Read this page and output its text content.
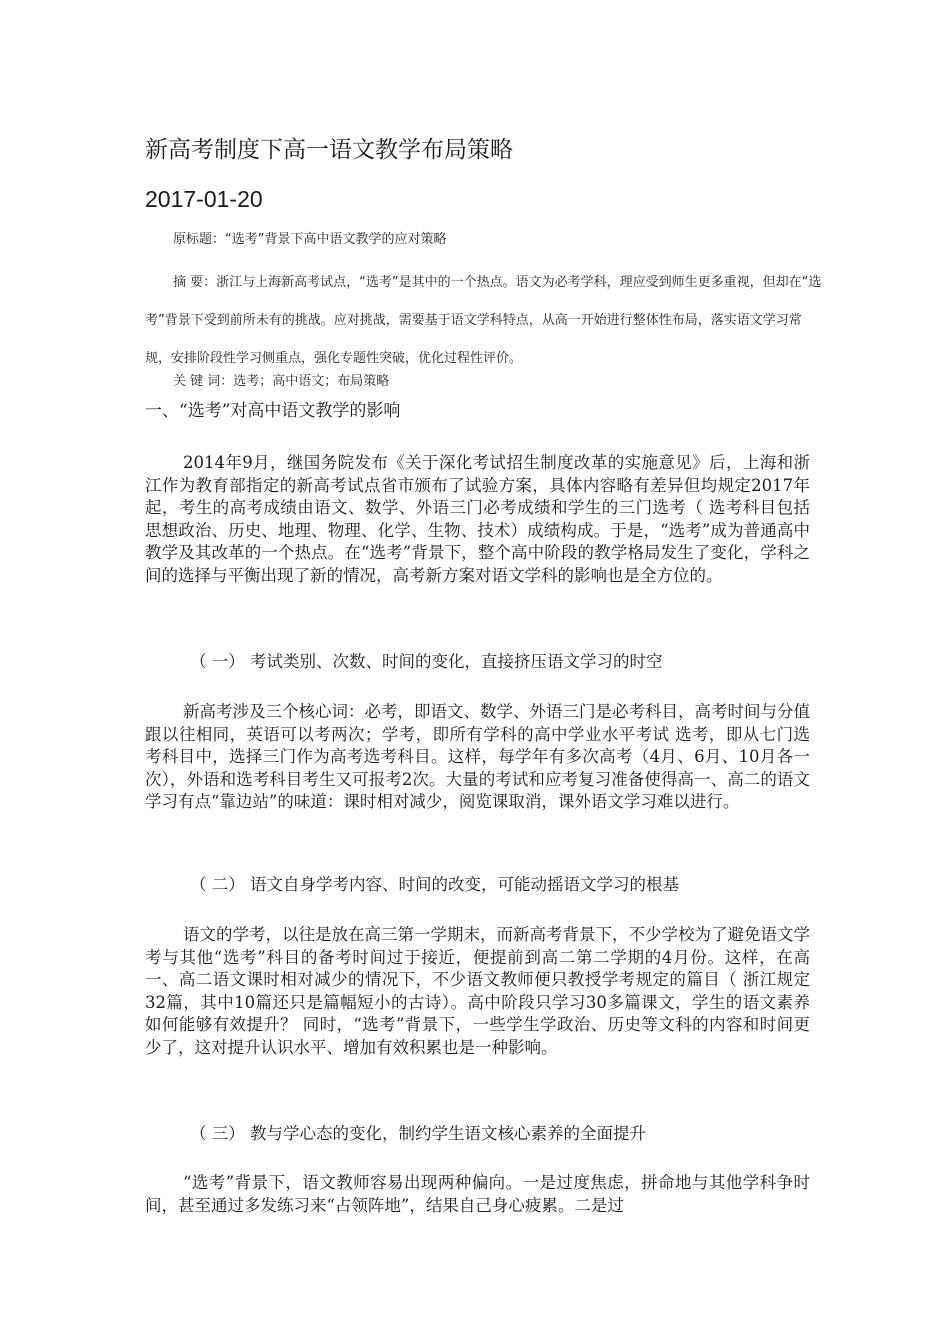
新高考制度下高一语文教学布局策略
2017-01-20
原标题：“选考”背景下高中语文教学的应对策略
摘 要：浙江与上海新高考试点，“选考”是其中的一个热点。语文为必考学科，理应受到师生更多重视，但却在“选考”背景下受到前所未有的挑战。应对挑战，需要基于语文学科特点，从高一开始进行整体性布局，落实语文学习常规，安排阶段性学习侧重点，强化专题性突破，优化过程性评价。
关 键 词：选考；高中语文；布局策略
一、“选考”对高中语文教学的影响
2014年9月，继国务院发布《关于深化考试招生制度改革的实施意见》后，上海和浙江作为教育部指定的新高考试点省市颁布了试验方案，具体内容略有差异但均规定2017年起，考生的高考成绩由语文、数学、外语三门必考成绩和学生的三门选考（ 选考科目包括思想政治、历史、地理、物理、化学、生物、技术）成绩构成。于是，“选考”成为普通高中教学及其改革的一个热点。在“选考”背景下，整个高中阶段的教学格局发生了变化，学科之间的选择与平衡出现了新的情况，高考新方案对语文学科的影响也是全方位的。
（ 一） 考试类别、次数、时间的变化，直接挤压语文学习的时空
新高考涉及三个核心词：必考，即语文、数学、外语三门是必考科目，高考时间与分值跟以往相同，英语可以考两次；学考，即所有学科的高中学业水平考试 选考，即从七门选考科目中，选择三门作为高考选考科目。这样，每学年有多次高考（4月、6月、10月各一次），外语和选考科目考生又可报考2次。大量的考试和应考复习准备使得高一、高二的语文学习有点“靠边站”的味道：课时相对减少，阅览课取消，课外语文学习难以进行。
（ 二） 语文自身学考内容、时间的改变，可能动摇语文学习的根基
语文的学考，以往是放在高三第一学期末，而新高考背景下，不少学校为了避免语文学考与其他“选考”科目的备考时间过于接近，便提前到高二第二学期的4月份。这样，在高一、高二语文课时相对减少的情况下，不少语文教师便只教授学考规定的篇目（ 浙江规定32篇，其中10篇还只是篇幅短小的古诗）。高中阶段只学习30多篇课文，学生的语文素养如何能够有效提升？ 同时，“选考”背景下，一些学生学政治、历史等文科的内容和时间更少了，这对提升认识水平、增加有效积累也是一种影响。
（ 三） 教与学心态的变化，制约学生语文核心素养的全面提升
“选考”背景下，语文教师容易出现两种偏向。一是过度焦虑，拼命地与其他学科争时间，甚至通过多发练习来“占领阵地”，结果自己身心疲累。二是过
